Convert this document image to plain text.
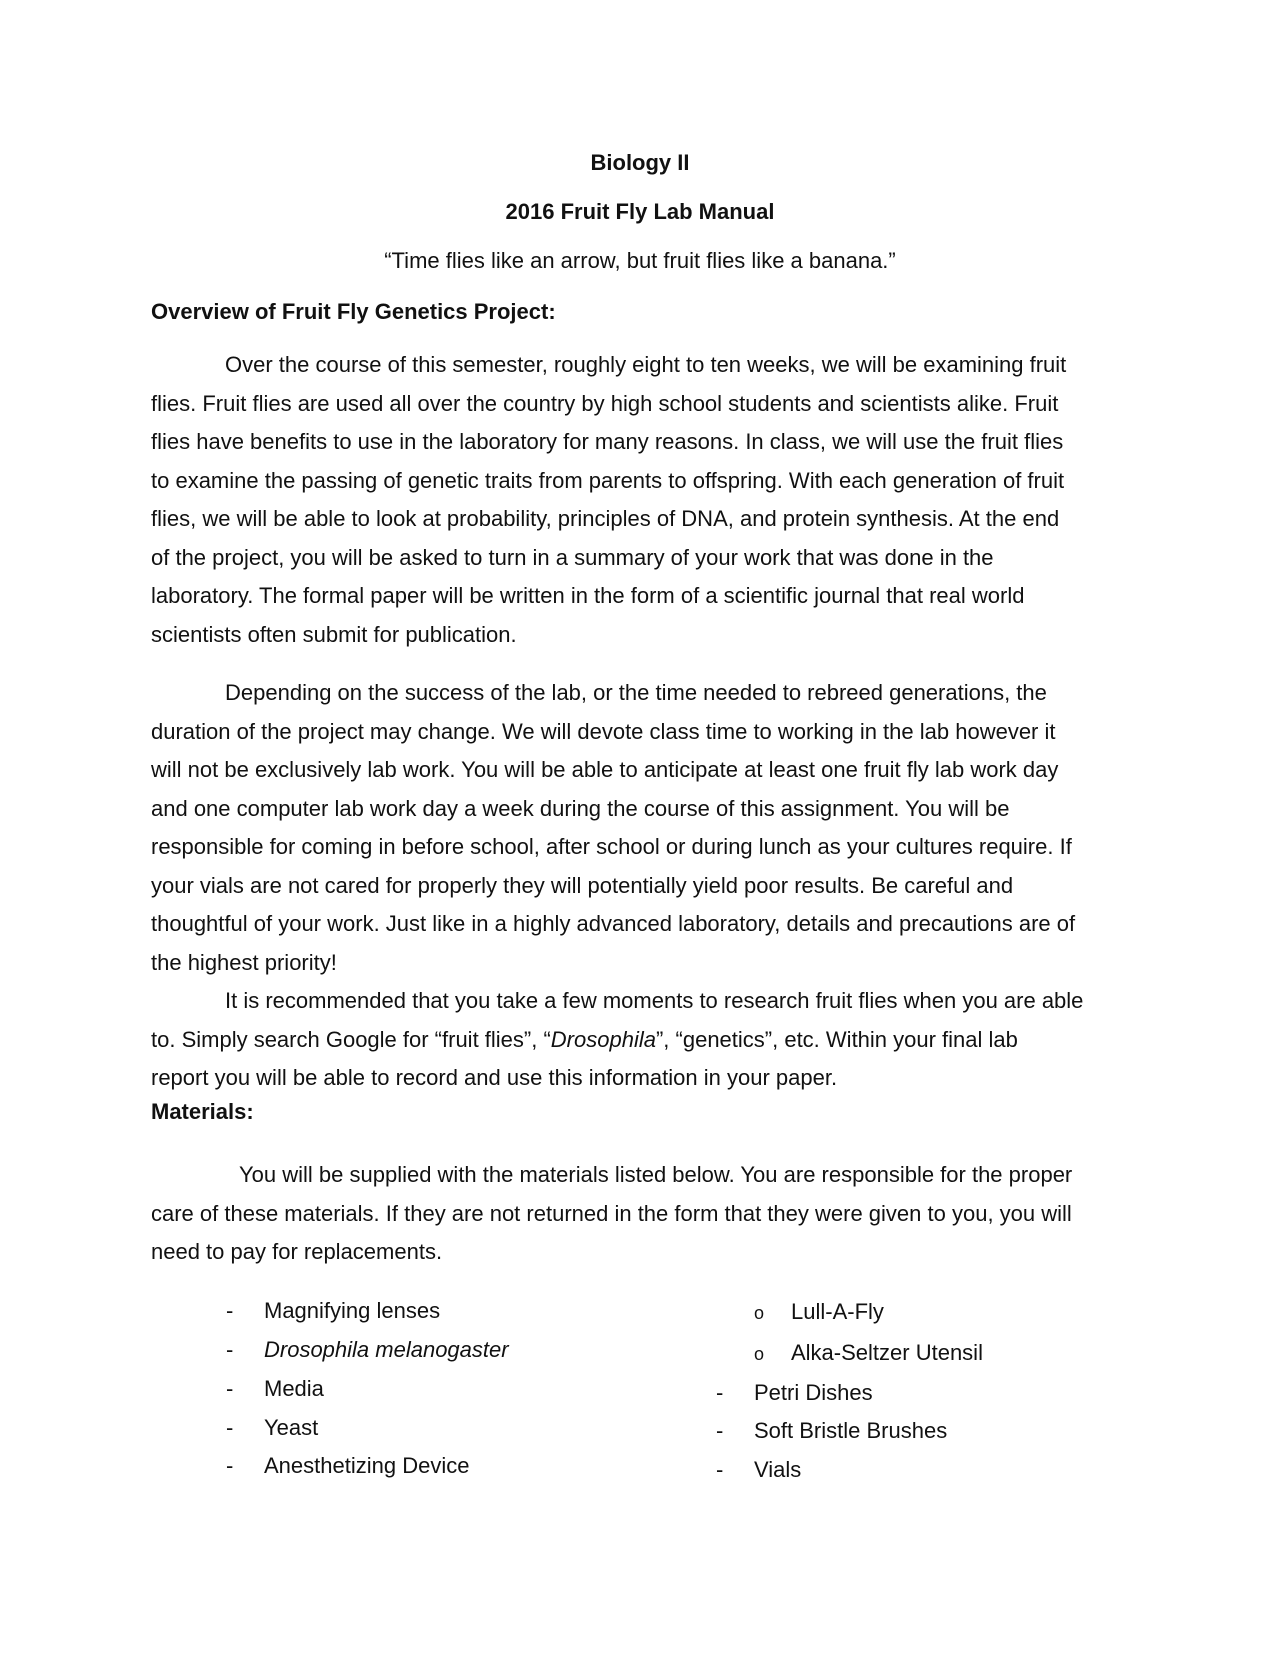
Biology II
2016 Fruit Fly Lab Manual
“Time flies like an arrow, but fruit flies like a banana.”
Overview of Fruit Fly Genetics Project:

Over the course of this semester, roughly eight to ten weeks, we will be examining fruit
flies. Fruit flies are used all over the country by high school students and scientists alike. Fruit
flies have benefits to use in the laboratory for many reasons. In class, we will use the fruit flies
to examine the passing of genetic traits from parents to offspring. With each generation of fruit
flies, we will be able to look at probability, principles of DNA, and protein synthesis. At the end
of the project, you will be asked to turn in a summary of your work that was done in the
laboratory. The formal paper will be written in the form of a scientific journal that real world
scientists often submit for publication.

Depending on the success of the lab, or the time needed to rebreed generations, the
duration of the project may change. We will devote class time to working in the lab however it
will not be exclusively lab work. You will be able to anticipate at least one fruit fly lab work day
and one computer lab work day a week during the course of this assignment. You will be
responsible for coming in before school, after school or during lunch as your cultures require. If
your vials are not cared for properly they will potentially yield poor results. Be careful and
thoughtful of your work. Just like in a highly advanced laboratory, details and precautions are of
the highest priority!

It is recommended that you take a few moments to research fruit flies when you are able
to. Simply search Google for “fruit flies”, “Drosophila”, “genetics”, etc. Within your final lab
report you will be able to record and use this information in your paper.

Materials:

You will be supplied with the materials listed below. You are responsible for the proper
care of these materials. If they are not returned in the form that they were given to you, you will
need to pay for replacements.

- Magnifying lenses
- Drosophila melanogaster
- Media
- Yeast
- Anesthetizing Device
o Lull-A-Fly
o Alka-Seltzer Utensil
- Petri Dishes
- Soft Bristle Brushes
- Vials
